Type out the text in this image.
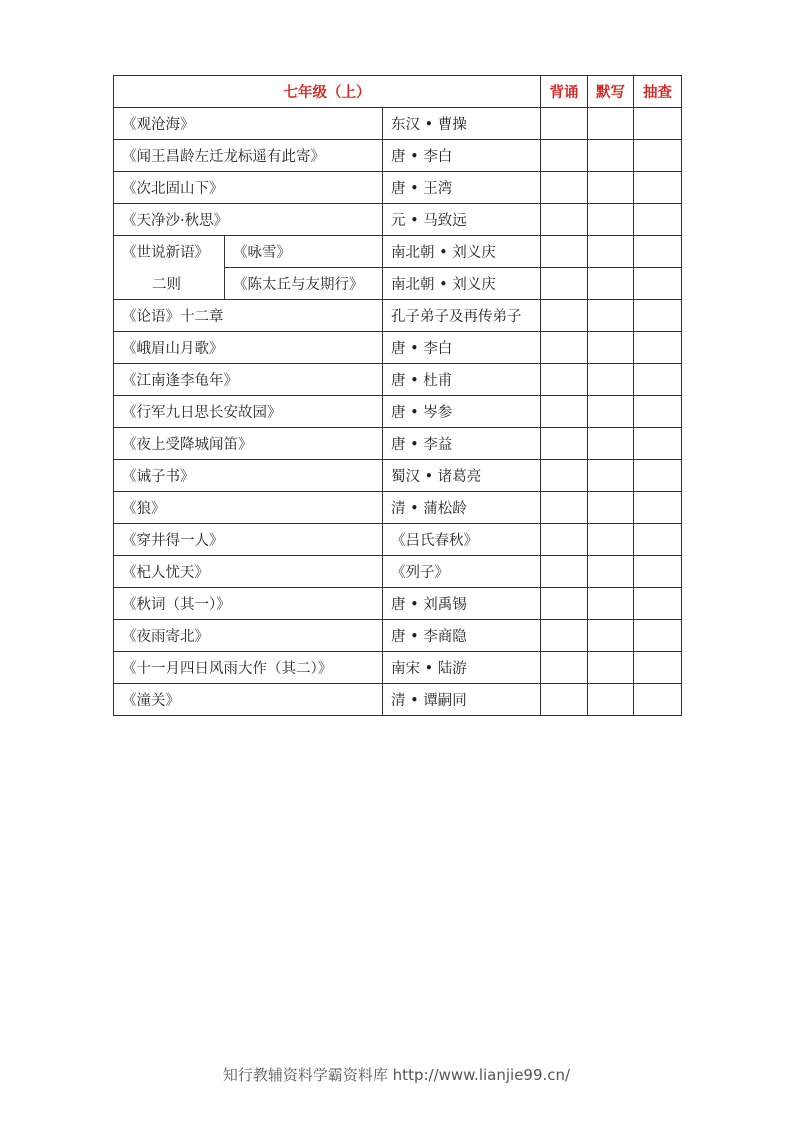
七年级（上）			背诵	默写	抽查
《观沧海》		东汉 • 曹操			
《闻王昌龄左迁龙标遥有此寄》		唐 • 李白			
《次北固山下》		唐 • 王湾			
《天净沙·秋思》		元 • 马致远			
《世说新语》	《咏雪》	南北朝 • 刘义庆			
二则	《陈太丘与友期行》	南北朝 • 刘义庆			
《论语》十二章		孔子弟子及再传弟子			
《峨眉山月歌》		唐 • 李白			
《江南逢李龟年》		唐 • 杜甫			
《行军九日思长安故园》		唐 • 岑参			
《夜上受降城闻笛》		唐 • 李益			
《诫子书》		蜀汉 • 诸葛亮			
《狼》		清 • 蒲松龄			
《穿井得一人》		《吕氏春秋》			
《杞人忧天》		《列子》			
《秋词（其一）》		唐 • 刘禹锡			
《夜雨寄北》		唐 • 李商隐			
《十一月四日风雨大作（其二）》		南宋 • 陆游			
《潼关》		清 • 谭嗣同			
知行教辅资料学霸资料库 http://www.lianjie99.cn/
